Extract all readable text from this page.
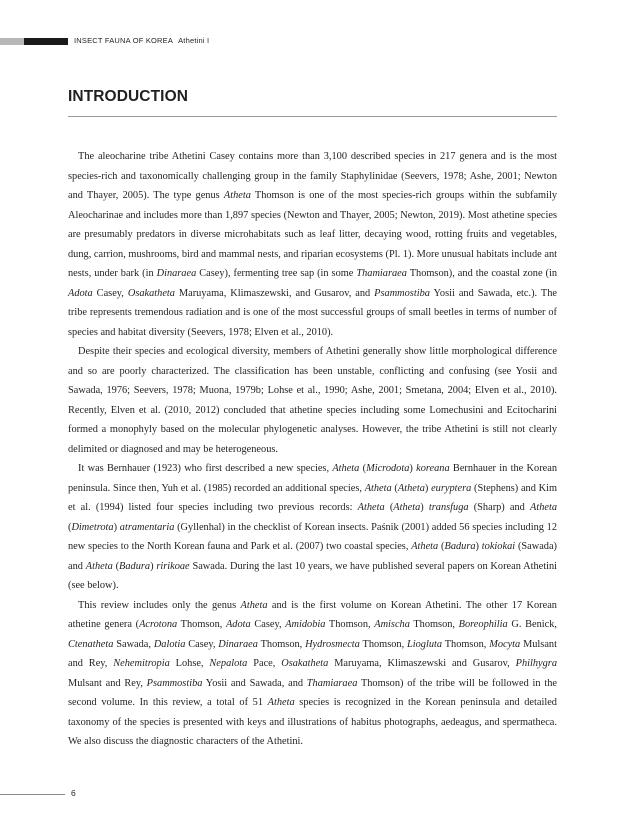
INSECT FAUNA OF KOREA Athetini I
INTRODUCTION

The aleocharine tribe Athetini Casey contains more than 3,100 described species in 217 genera and is the most species-rich and taxonomically challenging group in the family Staphylinidae (Seevers, 1978; Ashe, 2001; Newton and Thayer, 2005). The type genus Atheta Thomson is one of the most species-rich groups within the subfamily Aleocharinae and includes more than 1,897 species (Newton and Thayer, 2005; Newton, 2019). Most athetine species are presumably predators in diverse microhabitats such as leaf litter, decaying wood, rotting fruits and vegetables, dung, carrion, mushrooms, bird and mammal nests, and riparian ecosystems (Pl. 1). More unusual habitats include ant nests, under bark (in Dinaraea Casey), fermenting tree sap (in some Thamiaraea Thomson), and the coastal zone (in Adota Casey, Osakatheta Maruyama, Klimaszewski, and Gusarov, and Psammostiba Yosii and Sawada, etc.). The tribe represents tremendous radiation and is one of the most successful groups of small beetles in terms of number of species and habitat diversity (Seevers, 1978; Elven et al., 2010).

Despite their species and ecological diversity, members of Athetini generally show little morphological difference and so are poorly characterized. The classification has been unstable, conflicting and confusing (see Yosii and Sawada, 1976; Seevers, 1978; Muona, 1979b; Lohse et al., 1990; Ashe, 2001; Smetana, 2004; Elven et al., 2010). Recently, Elven et al. (2010, 2012) concluded that athetine species including some Lomechusini and Ecitocharini formed a monophyly based on the molecular phylogenetic analyses. However, the tribe Athetini is still not clearly delimited or diagnosed and may be heterogeneous.

It was Bernhauer (1923) who first described a new species, Atheta (Microdota) koreana Bernhauer in the Korean peninsula. Since then, Yuh et al. (1985) recorded an additional species, Atheta (Atheta) euryptera (Stephens) and Kim et al. (1994) listed four species including two previous records: Atheta (Atheta) transfuga (Sharp) and Atheta (Dimetrota) atramentaria (Gyllenhal) in the checklist of Korean insects. Paśnik (2001) added 56 species including 12 new species to the North Korean fauna and Park et al. (2007) two coastal species, Atheta (Badura) tokiokai (Sawada) and Atheta (Badura) ririkoae Sawada. During the last 10 years, we have published several papers on Korean Athetini (see below).

This review includes only the genus Atheta and is the first volume on Korean Athetini. The other 17 Korean athetine genera (Acrotona Thomson, Adota Casey, Amidobia Thomson, Amischa Thomson, Boreophilia G. Benick, Ctenatheta Sawada, Dalotia Casey, Dinaraea Thomson, Hydrosmecta Thomson, Liogluta Thomson, Mocyta Mulsant and Rey, Nehemitropia Lohse, Nepalota Pace, Osakatheta Maruyama, Klimaszewski and Gusarov, Philhygra Mulsant and Rey, Psammostiba Yosii and Sawada, and Thamiaraea Thomson) of the tribe will be followed in the second volume. In this review, a total of 51 Atheta species is recognized in the Korean peninsula and detailed taxonomy of the species is presented with keys and illustrations of habitus photographs, aedeagus, and spermatheca. We also discuss the diagnostic characters of the Athetini.

6
